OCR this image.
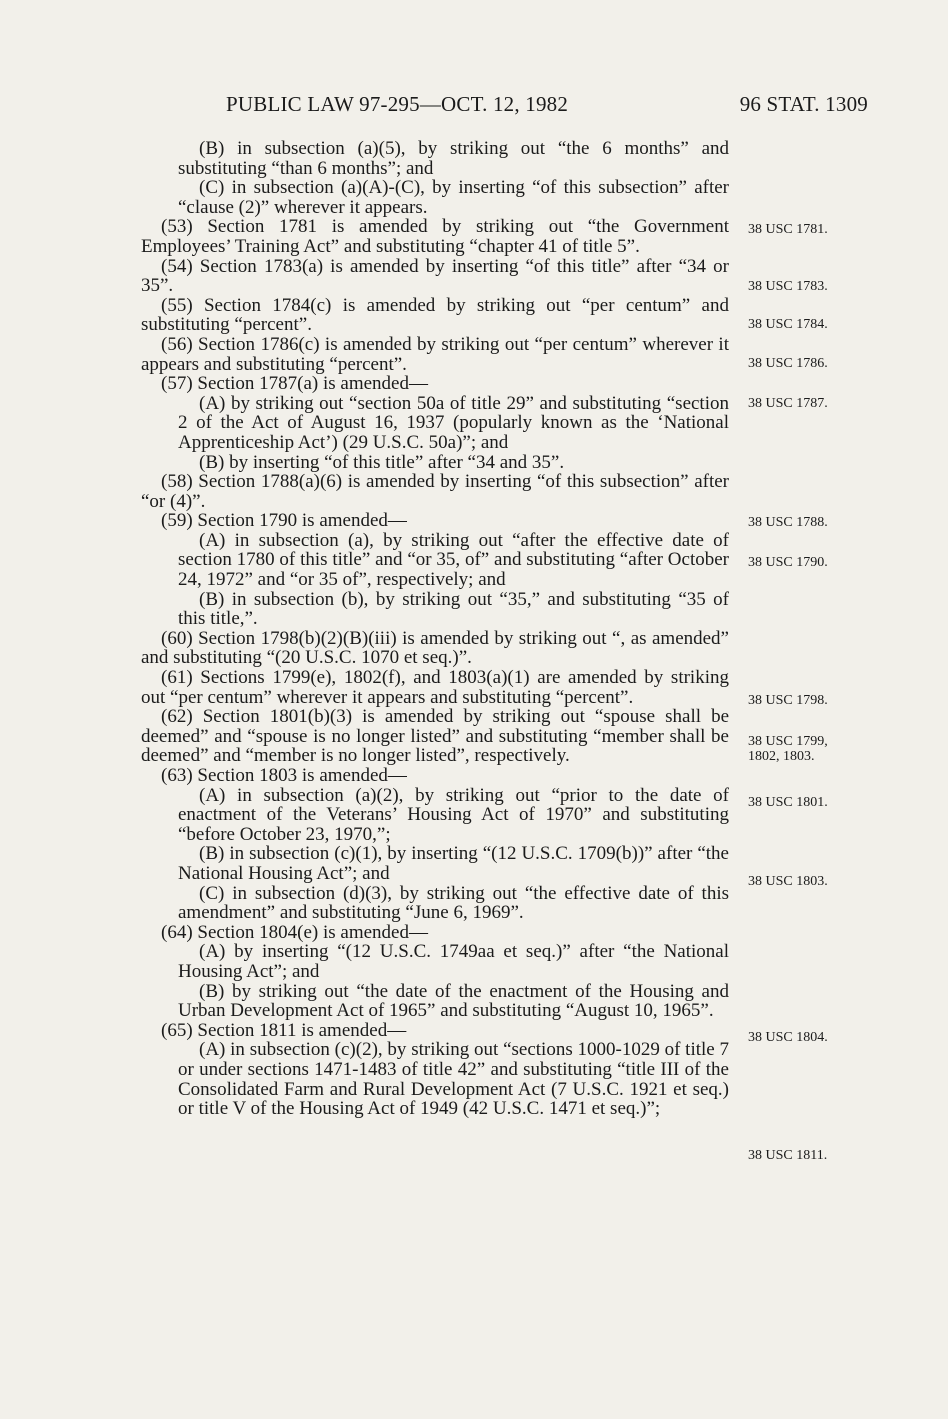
PUBLIC LAW 97-295—OCT. 12, 1982	96 STAT. 1309

(B) in subsection (a)(5), by striking out “the 6 months” and substituting “than 6 months”; and

(C) in subsection (a)(A)-(C), by inserting “of this subsection” after “clause (2)” wherever it appears.

(53) Section 1781 is amended by striking out “the Government Employees’ Training Act” and substituting “chapter 41 of title 5”.

(54) Section 1783(a) is amended by inserting “of this title” after “34 or 35”.

(55) Section 1784(c) is amended by striking out “per centum” and substituting “percent”.

(56) Section 1786(c) is amended by striking out “per centum” wherever it appears and substituting “percent”.

(57) Section 1787(a) is amended—

(A) by striking out “section 50a of title 29” and substituting “section 2 of the Act of August 16, 1937 (popularly known as the ‘National Apprenticeship Act’) (29 U.S.C. 50a)”; and

(B) by inserting “of this title” after “34 and 35”.

(58) Section 1788(a)(6) is amended by inserting “of this subsection” after “or (4)”.

(59) Section 1790 is amended—

(A) in subsection (a), by striking out “after the effective date of section 1780 of this title” and “or 35, of” and substituting “after October 24, 1972” and “or 35 of”, respectively; and

(B) in subsection (b), by striking out “35,” and substituting “35 of this title,”.

(60) Section 1798(b)(2)(B)(iii) is amended by striking out “, as amended” and substituting “(20 U.S.C. 1070 et seq.)”.

(61) Sections 1799(e), 1802(f), and 1803(a)(1) are amended by striking out “per centum” wherever it appears and substituting “percent”.

(62) Section 1801(b)(3) is amended by striking out “spouse shall be deemed” and “spouse is no longer listed” and substituting “member shall be deemed” and “member is no longer listed”, respectively.

(63) Section 1803 is amended—

(A) in subsection (a)(2), by striking out “prior to the date of enactment of the Veterans’ Housing Act of 1970” and substituting “before October 23, 1970,”;

(B) in subsection (c)(1), by inserting “(12 U.S.C. 1709(b))” after “the National Housing Act”; and

(C) in subsection (d)(3), by striking out “the effective date of this amendment” and substituting “June 6, 1969”.

(64) Section 1804(e) is amended—

(A) by inserting “(12 U.S.C. 1749aa et seq.)” after “the National Housing Act”; and

(B) by striking out “the date of the enactment of the Housing and Urban Development Act of 1965” and substituting “August 10, 1965”.

(65) Section 1811 is amended—

(A) in subsection (c)(2), by striking out “sections 1000-1029 of title 7 or under sections 1471-1483 of title 42” and substituting “title III of the Consolidated Farm and Rural Development Act (7 U.S.C. 1921 et seq.) or title V of the Housing Act of 1949 (42 U.S.C. 1471 et seq.)”;

38 USC 1781.
38 USC 1783.
38 USC 1784.
38 USC 1786.
38 USC 1787.
38 USC 1788.
38 USC 1790.
38 USC 1798.
38 USC 1799,
1802, 1803.
38 USC 1801.
38 USC 1803.
38 USC 1804.
38 USC 1811.
